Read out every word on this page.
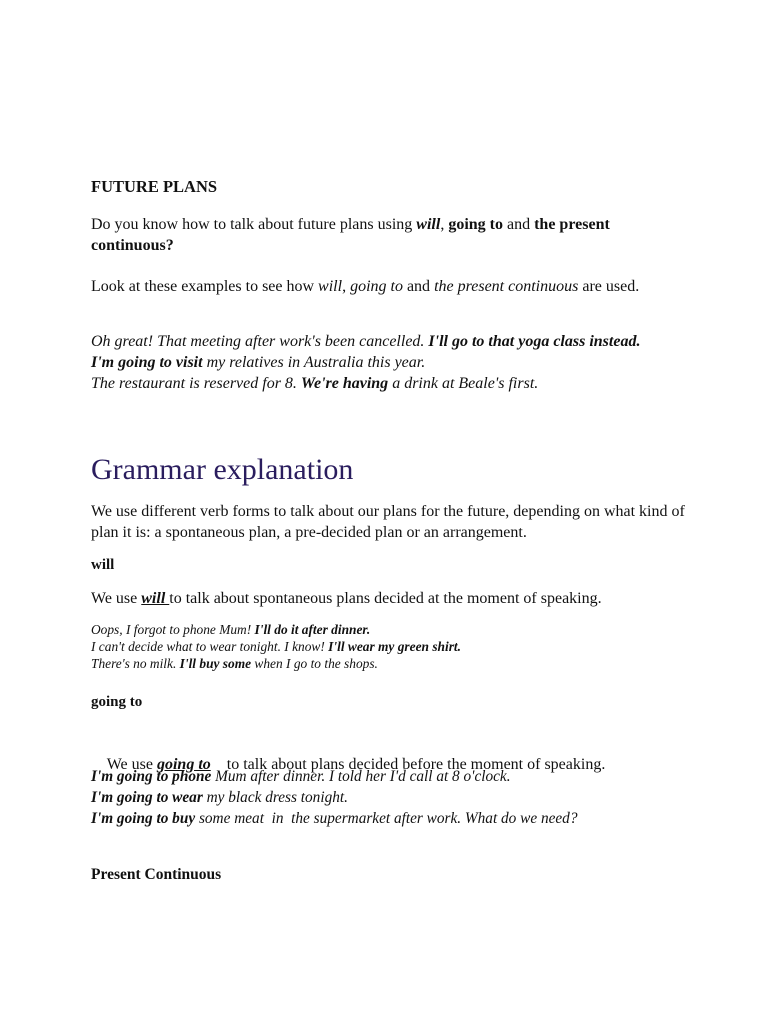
FUTURE PLANS
Do you know how to talk about future plans using will, going to and the present continuous?
Look at these examples to see how will, going to and the present continuous are used.
Oh great! That meeting after work's been cancelled. I'll go to that yoga class instead.
I'm going to visit my relatives in Australia this year.
The restaurant is reserved for 8. We're having a drink at Beale's first.
Grammar explanation
We use different verb forms to talk about our plans for the future, depending on what kind of plan it is: a spontaneous plan, a pre-decided plan or an arrangement.
will
We use will to talk about spontaneous plans decided at the moment of speaking.
Oops, I forgot to phone Mum! I'll do it after dinner.
I can't decide what to wear tonight. I know! I'll wear my green shirt.
There's no milk. I'll buy some when I go to the shops.
going to

We use going to    to talk about plans decided before the moment of speaking.

I'm going to phone Mum after dinner. I told her I'd call at 8 o'clock.
I'm going to wear my black dress tonight.
I'm going to buy some meat  in  the supermarket after work. What do we need?
Present Continuous
